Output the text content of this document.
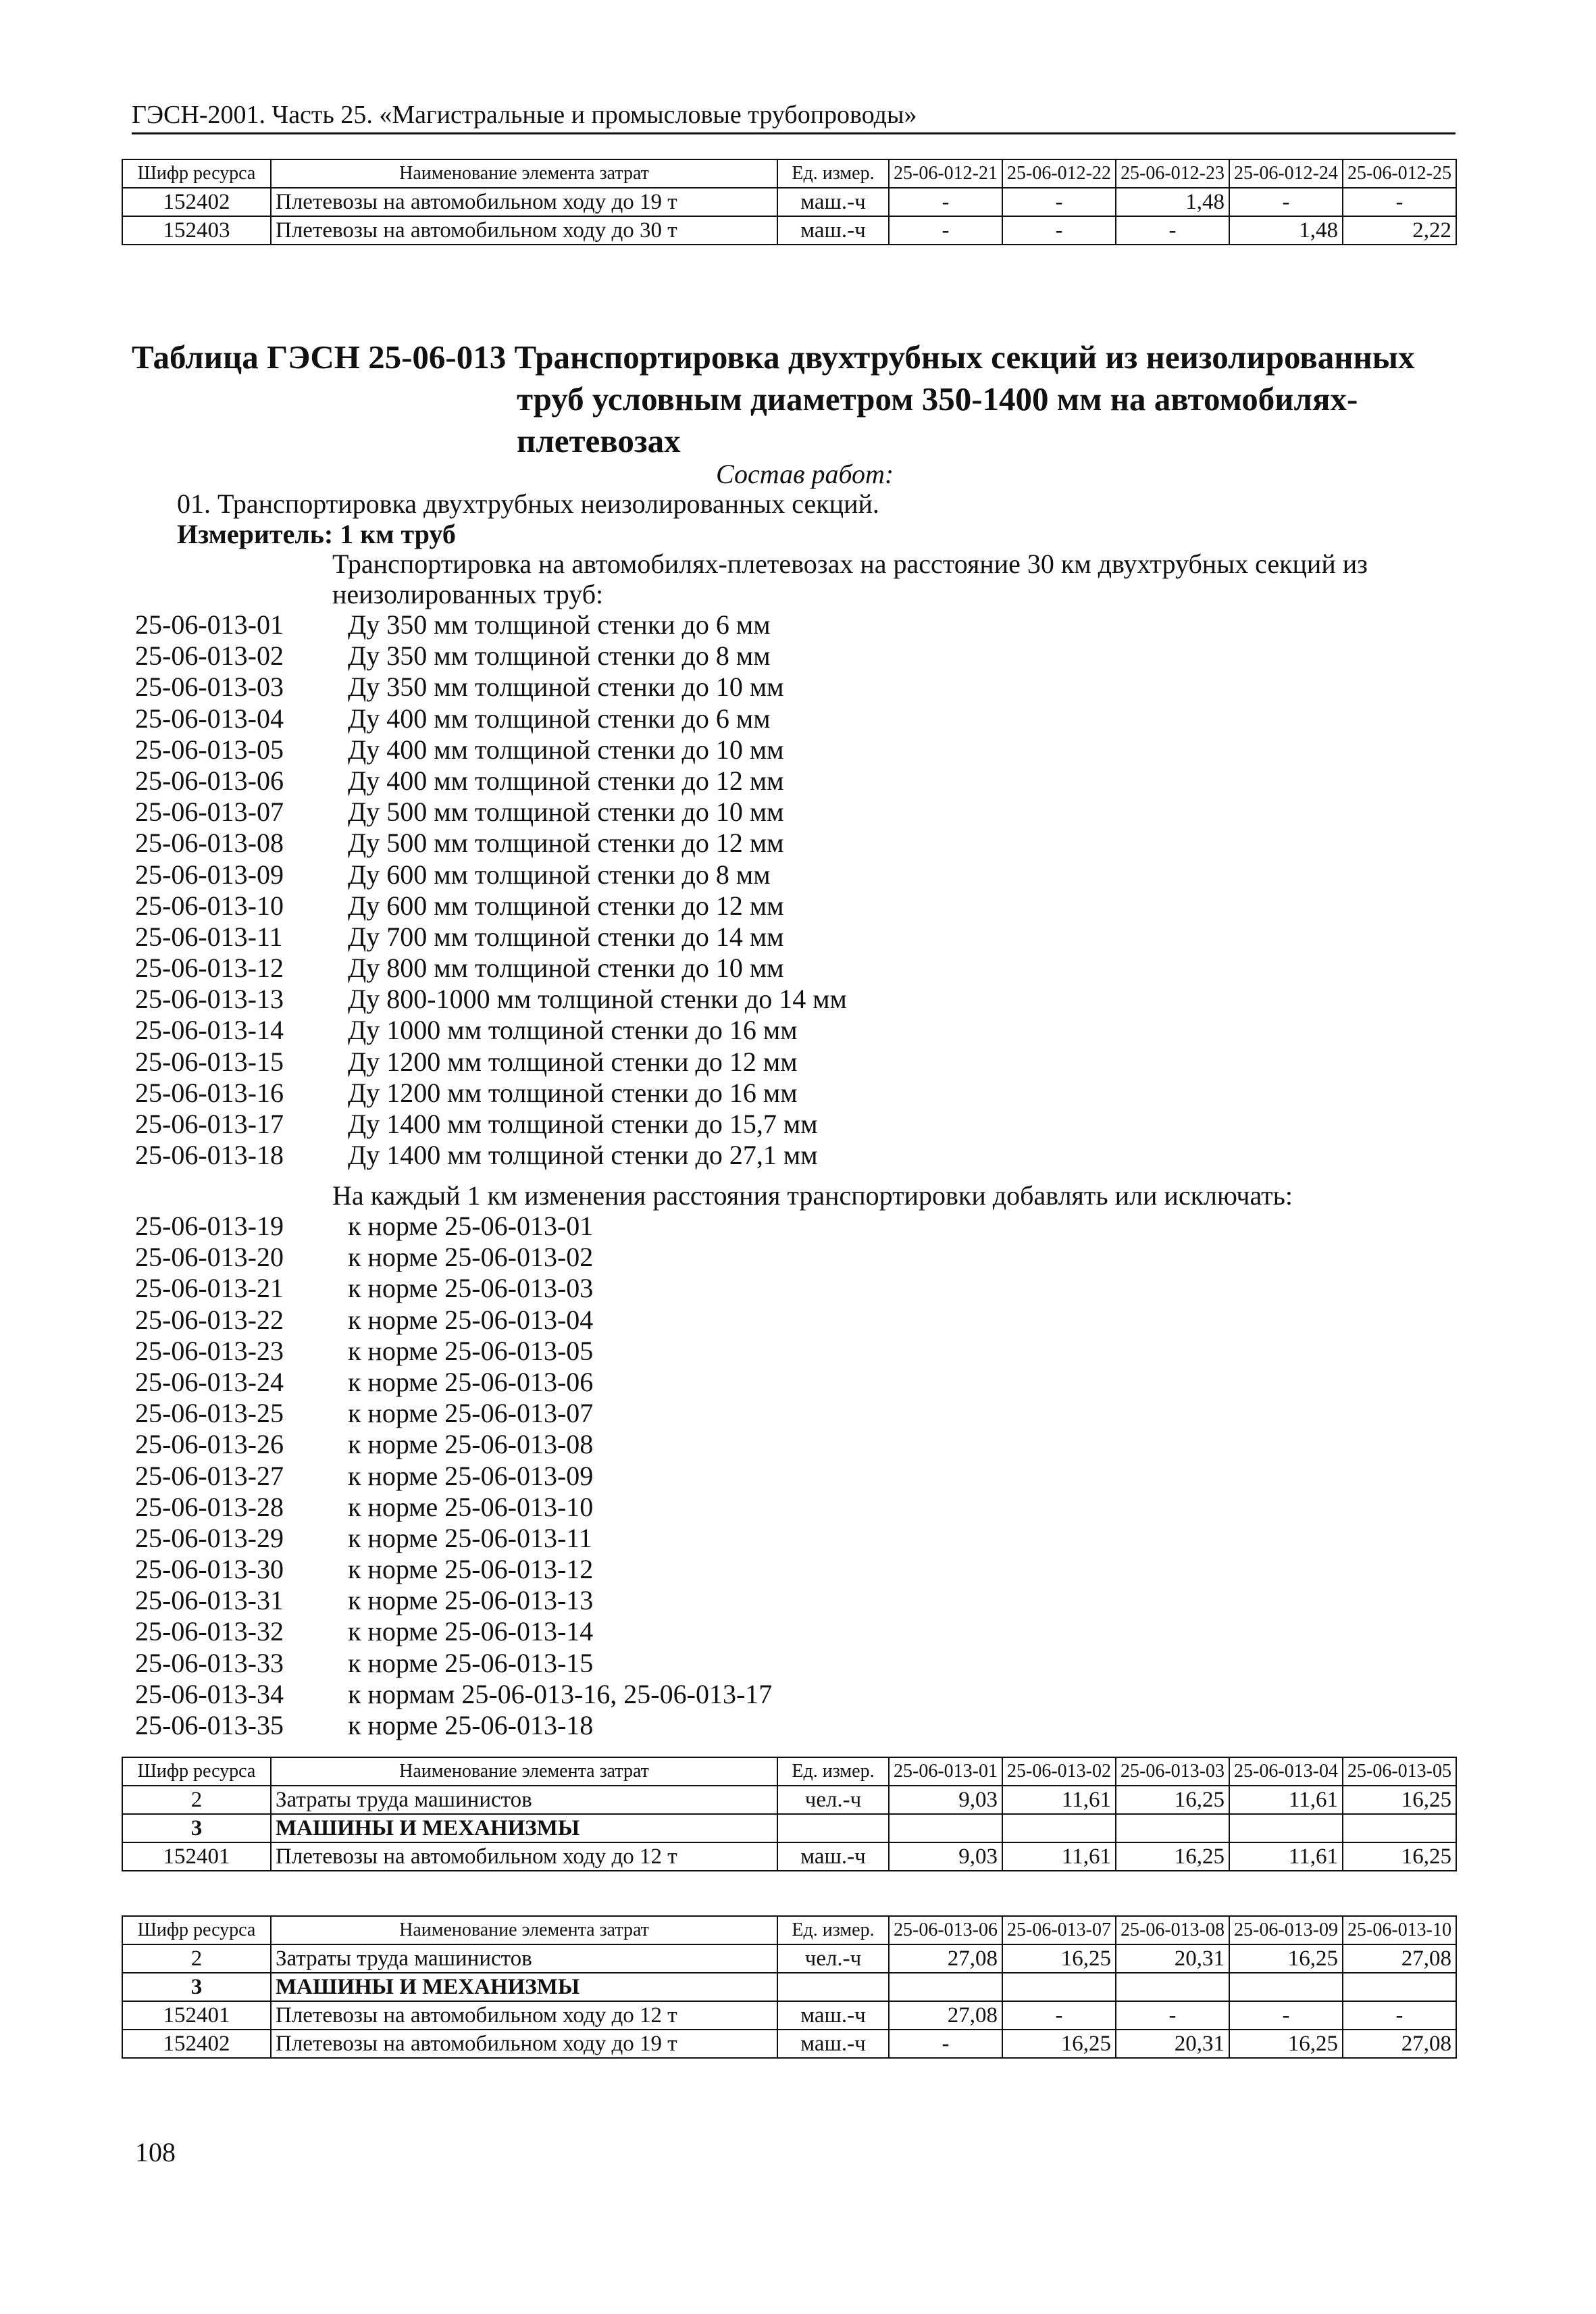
ГЭСН-2001. Часть 25. «Магистральные и промысловые трубопроводы»
Шифр ресурса	Наименование элемента затрат	Ед. измер.	25-06-012-21	25-06-012-22	25-06-012-23	25-06-012-24	25-06-012-25
152402	Плетевозы на автомобильном ходу до 19 т	маш.-ч	-	-	1,48	-	-
152403	Плетевозы на автомобильном ходу до 30 т	маш.-ч	-	-	-	1,48	2,22
Таблица ГЭСН 25-06-013 Транспортировка двухтрубных секций из неизолированных
труб условным диаметром 350-1400 мм на автомобилях-
плетевозах
Состав работ:
01. Транспортировка двухтрубных неизолированных секций.
Измеритель: 1 км труб
Транспортировка на автомобилях-плетевозах на расстояние 30 км двухтрубных секций из неизолированных труб:
25-06-013-01 Ду 350 мм толщиной стенки до 6 мм
25-06-013-02 Ду 350 мм толщиной стенки до 8 мм
25-06-013-03 Ду 350 мм толщиной стенки до 10 мм
25-06-013-04 Ду 400 мм толщиной стенки до 6 мм
25-06-013-05 Ду 400 мм толщиной стенки до 10 мм
25-06-013-06 Ду 400 мм толщиной стенки до 12 мм
25-06-013-07 Ду 500 мм толщиной стенки до 10 мм
25-06-013-08 Ду 500 мм толщиной стенки до 12 мм
25-06-013-09 Ду 600 мм толщиной стенки до 8 мм
25-06-013-10 Ду 600 мм толщиной стенки до 12 мм
25-06-013-11 Ду 700 мм толщиной стенки до 14 мм
25-06-013-12 Ду 800 мм толщиной стенки до 10 мм
25-06-013-13 Ду 800-1000 мм толщиной стенки до 14 мм
25-06-013-14 Ду 1000 мм толщиной стенки до 16 мм
25-06-013-15 Ду 1200 мм толщиной стенки до 12 мм
25-06-013-16 Ду 1200 мм толщиной стенки до 16 мм
25-06-013-17 Ду 1400 мм толщиной стенки до 15,7 мм
25-06-013-18 Ду 1400 мм толщиной стенки до 27,1 мм
На каждый 1 км изменения расстояния транспортировки добавлять или исключать:
25-06-013-19 к норме 25-06-013-01
25-06-013-20 к норме 25-06-013-02
25-06-013-21 к норме 25-06-013-03
25-06-013-22 к норме 25-06-013-04
25-06-013-23 к норме 25-06-013-05
25-06-013-24 к норме 25-06-013-06
25-06-013-25 к норме 25-06-013-07
25-06-013-26 к норме 25-06-013-08
25-06-013-27 к норме 25-06-013-09
25-06-013-28 к норме 25-06-013-10
25-06-013-29 к норме 25-06-013-11
25-06-013-30 к норме 25-06-013-12
25-06-013-31 к норме 25-06-013-13
25-06-013-32 к норме 25-06-013-14
25-06-013-33 к норме 25-06-013-15
25-06-013-34 к нормам 25-06-013-16, 25-06-013-17
25-06-013-35 к норме 25-06-013-18
Шифр ресурса	Наименование элемента затрат	Ед. измер.	25-06-013-01	25-06-013-02	25-06-013-03	25-06-013-04	25-06-013-05
2	Затраты труда машинистов	чел.-ч	9,03	11,61	16,25	11,61	16,25
3	МАШИНЫ И МЕХАНИЗМЫ						
152401	Плетевозы на автомобильном ходу до 12 т	маш.-ч	9,03	11,61	16,25	11,61	16,25
Шифр ресурса	Наименование элемента затрат	Ед. измер.	25-06-013-06	25-06-013-07	25-06-013-08	25-06-013-09	25-06-013-10
2	Затраты труда машинистов	чел.-ч	27,08	16,25	20,31	16,25	27,08
3	МАШИНЫ И МЕХАНИЗМЫ						
152401	Плетевозы на автомобильном ходу до 12 т	маш.-ч	27,08	-	-	-	-
152402	Плетевозы на автомобильном ходу до 19 т	маш.-ч	-	16,25	20,31	16,25	27,08
108
